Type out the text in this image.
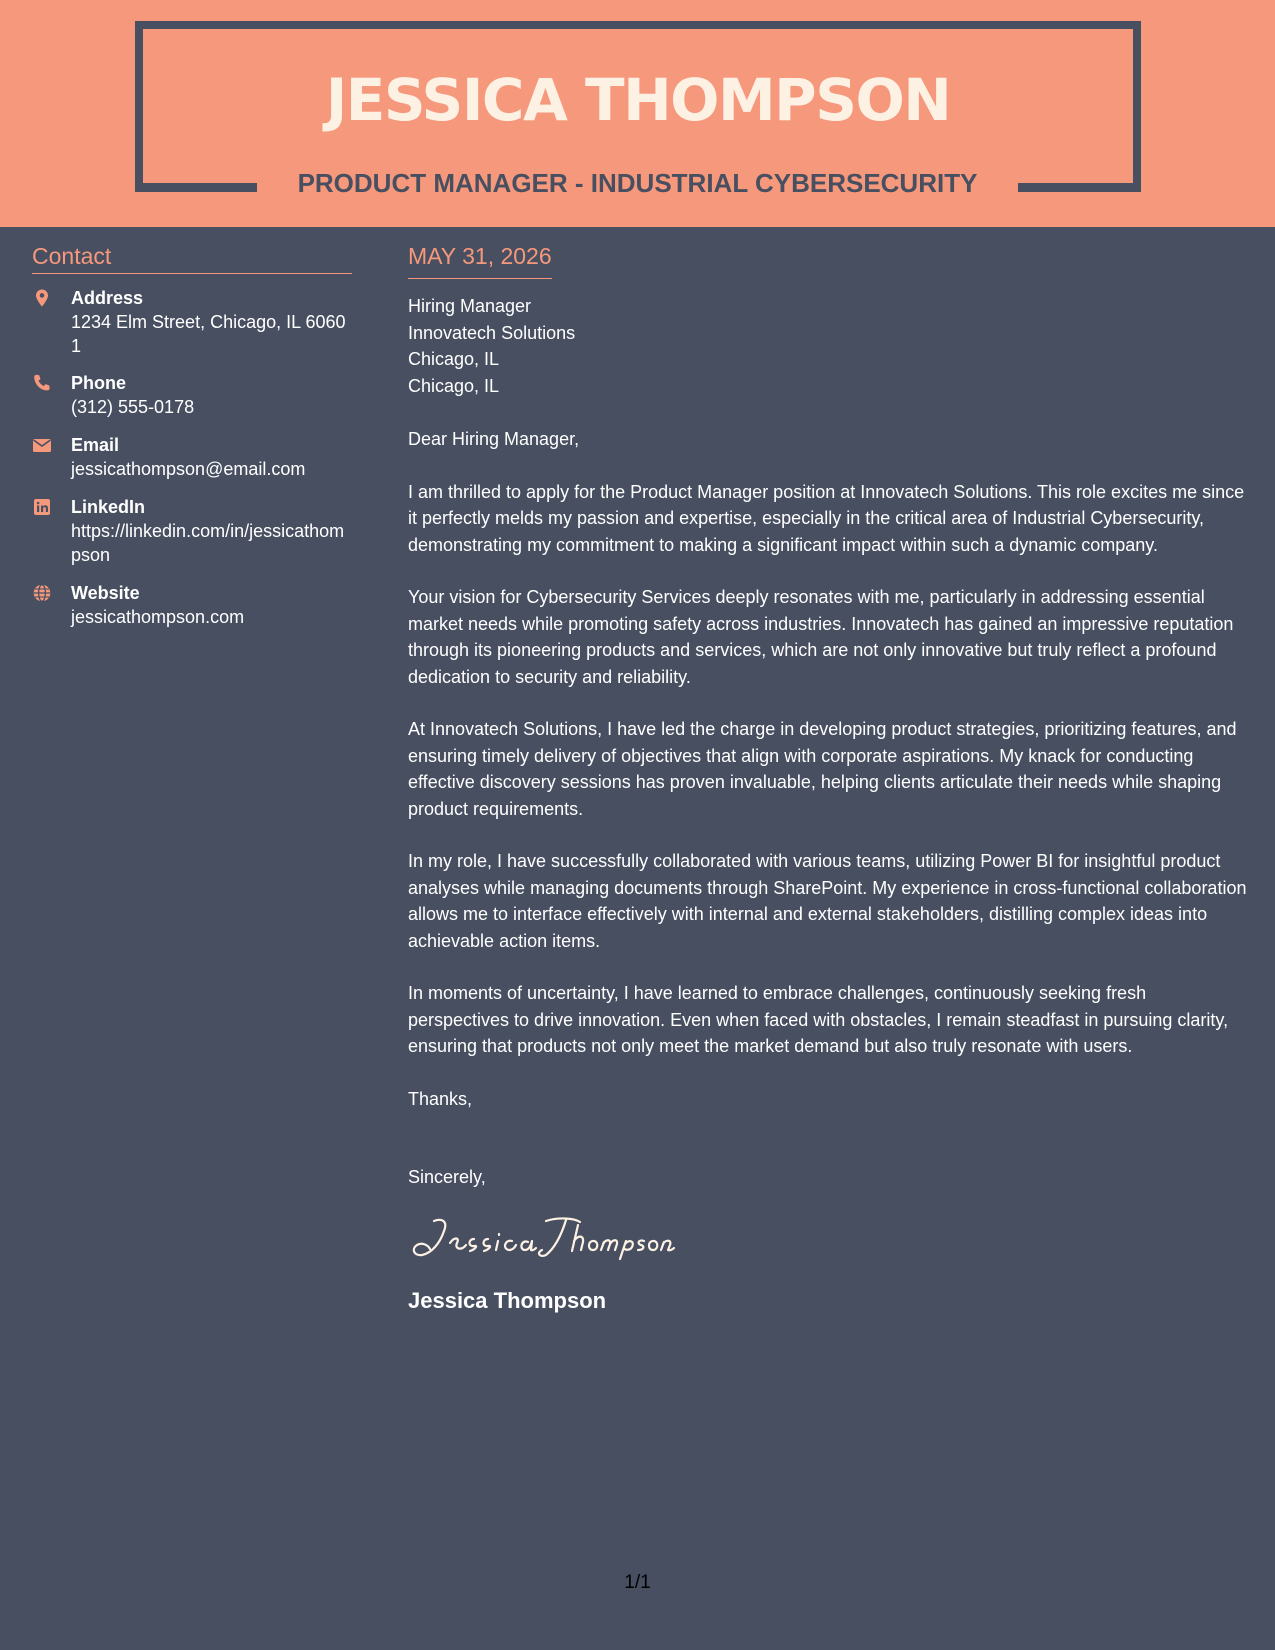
JESSICA THOMPSON
PRODUCT MANAGER - INDUSTRIAL CYBERSECURITY
Contact
Address
1234 Elm Street, Chicago, IL 60601
Phone
(312) 555-0178
Email
jessicathompson@email.com
LinkedIn
https://linkedin.com/in/jessicathompson
Website
jessicathompson.com
MAY 31, 2026
Hiring Manager
Innovatech Solutions
Chicago, IL
Chicago, IL
Dear Hiring Manager,

I am thrilled to apply for the Product Manager position at Innovatech Solutions. This role excites me since it perfectly melds my passion and expertise, especially in the critical area of Industrial Cybersecurity, demonstrating my commitment to making a significant impact within such a dynamic company.

Your vision for Cybersecurity Services deeply resonates with me, particularly in addressing essential market needs while promoting safety across industries. Innovatech has gained an impressive reputation through its pioneering products and services, which are not only innovative but truly reflect a profound dedication to security and reliability.

At Innovatech Solutions, I have led the charge in developing product strategies, prioritizing features, and ensuring timely delivery of objectives that align with corporate aspirations. My knack for conducting effective discovery sessions has proven invaluable, helping clients articulate their needs while shaping product requirements.

In my role, I have successfully collaborated with various teams, utilizing Power BI for insightful product analyses while managing documents through SharePoint. My experience in cross-functional collaboration allows me to interface effectively with internal and external stakeholders, distilling complex ideas into achievable action items.

In moments of uncertainty, I have learned to embrace challenges, continuously seeking fresh perspectives to drive innovation. Even when faced with obstacles, I remain steadfast in pursuing clarity, ensuring that products not only meet the market demand but also truly resonate with users.

Thanks,
Sincerely,
Jessica Thompson
1/1
